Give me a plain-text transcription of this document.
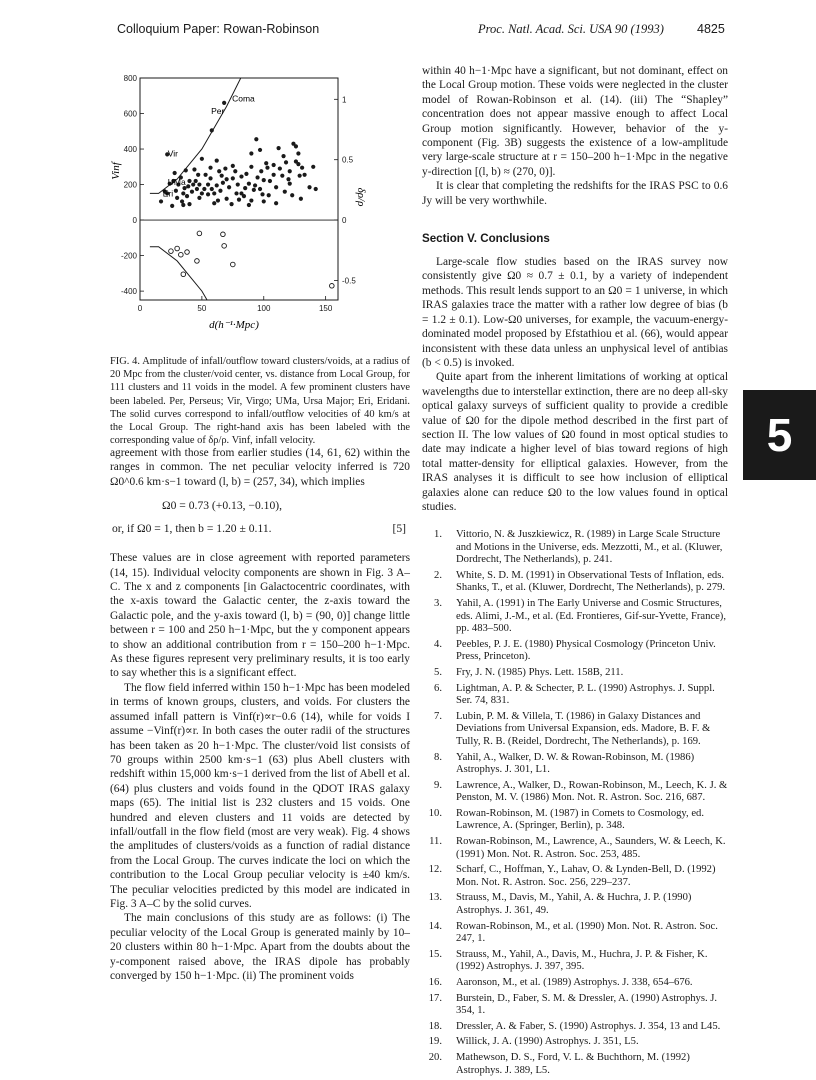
Colloquium Paper: Rowan-Robinson	Proc. Natl. Acad. Sci. USA 90 (1993)	4825
800
600
400
200
0
-200
-400
0	50	100	150
1
0.5
0
-0.5
d(h⁻¹·Mpc)
Vinf
δρ/ρ
Coma
Per
Vir
UMa
Eri

FIG. 4. Amplitude of infall/outflow toward clusters/voids, at a radius of 20 Mpc from the cluster/void center, vs. distance from Local Group, for 111 clusters and 11 voids in the model. A few prominent clusters have been labeled. Per, Perseus; Vir, Virgo; UMa, Ursa Major; Eri, Eridani. The solid curves correspond to infall/outflow velocities of 40 km/s at the Local Group. The right-hand axis has been labeled with the corresponding value of δρ/ρ. Vinf, infall velocity.

agreement with those from earlier studies (14, 61, 62) within the ranges in common. The net peculiar velocity inferred is 720 Ω0^0.6 km·s−1 toward (l, b) = (257, 34), which implies

Ω0 = 0.73 (+0.13, −0.10),
or, if Ω0 = 1, then b = 1.20 ± 0.11.	[5]

These values are in close agreement with reported parameters (14, 15). Individual velocity components are shown in Fig. 3 A–C. The x and z components [in Galactocentric coordinates, with the x-axis toward the Galactic center, the z-axis toward the Galactic pole, and the y-axis toward (l, b) = (90, 0)] change little between r = 100 and 250 h−1·Mpc, but the y component appears to show an additional contribution from r = 150–200 h−1·Mpc. As these figures represent very preliminary results, it is too early to say whether this is a significant effect.

The flow field inferred within 150 h−1·Mpc has been modeled in terms of known groups, clusters, and voids. For clusters the assumed infall pattern is Vinf(r)∝r−0.6 (14), while for voids I assume −Vinf(r)∝r. In both cases the outer radii of the structures has been taken as 20 h−1·Mpc. The cluster/void list consists of 70 groups within 2500 km·s−1 (63) plus Abell clusters with redshift within 15,000 km·s−1 derived from the list of Abell et al. (64) plus clusters and voids found in the QDOT IRAS galaxy maps (65). The initial list is 232 clusters and 15 voids. One hundred and eleven clusters and 11 voids are detected by infall/outfall in the flow field (most are very weak). Fig. 4 shows the amplitudes of clusters/voids as a function of radial distance from the Local Group. The curves indicate the loci on which the contribution to the Local Group peculiar velocity is ±40 km/s. The peculiar velocities predicted by this model are indicated in Fig. 3 A–C by the solid curves.

The main conclusions of this study are as follows: (i) The peculiar velocity of the Local Group is generated mainly by 10–20 clusters within 80 h−1·Mpc. Apart from the doubts about the y-component raised above, the IRAS dipole has probably converged by 150 h−1·Mpc. (ii) The prominent voids

within 40 h−1·Mpc have a significant, but not dominant, effect on the Local Group motion. These voids were neglected in the cluster model of Rowan-Robinson et al. (14). (iii) The “Shapley” concentration does not appear massive enough to affect Local Group motion significantly. However, behavior of the y-component (Fig. 3B) suggests the existence of a low-amplitude very large-scale structure at r = 150–200 h−1·Mpc in the negative y-direction [(l, b) ≈ (270, 0)].

It is clear that completing the redshifts for the IRAS PSC to 0.6 Jy will be very worthwhile.

Section V. Conclusions

Large-scale flow studies based on the IRAS survey now consistently give Ω0 ≈ 0.7 ± 0.1, by a variety of independent methods. This result lends support to an Ω0 = 1 universe, in which IRAS galaxies trace the matter with a rather low degree of bias (b = 1.2 ± 0.1). Low-Ω0 universes, for example, the vacuum-energy-dominated model proposed by Efstathiou et al. (66), would appear inconsistent with these data unless an unphysical level of antibias (b < 0.5) is invoked.

Quite apart from the inherent limitations of working at optical wavelengths due to interstellar extinction, there are no deep all-sky optical galaxy surveys of sufficient quality to provide a credible value of Ω0 for the dipole method described in the first part of section II. The low values of Ω0 found in most optical studies to date may indicate a higher level of bias toward regions of high total matter-density for elliptical galaxies. However, from the IRAS analyses it is difficult to see how inclusion of elliptical galaxies alone can reduce Ω0 to the low values found in optical studies.

1. Vittorio, N. & Juszkiewicz, R. (1989) in Large Scale Structure and Motions in the Universe, eds. Mezzotti, M., et al. (Kluwer, Dordrecht, The Netherlands), p. 241.
2. White, S. D. M. (1991) in Observational Tests of Inflation, eds. Shanks, T., et al. (Kluwer, Dordrecht, The Netherlands), p. 279.
3. Yahil, A. (1991) in The Early Universe and Cosmic Structures, eds. Alimi, J.-M., et al. (Ed. Frontieres, Gif-sur-Yvette, France), pp. 483–500.
4. Peebles, P. J. E. (1980) Physical Cosmology (Princeton Univ. Press, Princeton).
5. Fry, J. N. (1985) Phys. Lett. 158B, 211.
6. Lightman, A. P. & Schecter, P. L. (1990) Astrophys. J. Suppl. Ser. 74, 831.
7. Lubin, P. M. & Villela, T. (1986) in Galaxy Distances and Deviations from Universal Expansion, eds. Madore, B. F. & Tully, R. B. (Reidel, Dordrecht, The Netherlands), p. 169.
8. Yahil, A., Walker, D. W. & Rowan-Robinson, M. (1986) Astrophys. J. 301, L1.
9. Lawrence, A., Walker, D., Rowan-Robinson, M., Leech, K. J. & Penston, M. V. (1986) Mon. Not. R. Astron. Soc. 216, 687.
10. Rowan-Robinson, M. (1987) in Comets to Cosmology, ed. Lawrence, A. (Springer, Berlin), p. 348.
11. Rowan-Robinson, M., Lawrence, A., Saunders, W. & Leech, K. (1991) Mon. Not. R. Astron. Soc. 253, 485.
12. Scharf, C., Hoffman, Y., Lahav, O. & Lynden-Bell, D. (1992) Mon. Not. R. Astron. Soc. 256, 229–237.
13. Strauss, M., Davis, M., Yahil, A. & Huchra, J. P. (1990) Astrophys. J. 361, 49.
14. Rowan-Robinson, M., et al. (1990) Mon. Not. R. Astron. Soc. 247, 1.
15. Strauss, M., Yahil, A., Davis, M., Huchra, J. P. & Fisher, K. (1992) Astrophys. J. 397, 395.
16. Aaronson, M., et al. (1989) Astrophys. J. 338, 654–676.
17. Burstein, D., Faber, S. M. & Dressler, A. (1990) Astrophys. J. 354, 1.
18. Dressler, A. & Faber, S. (1990) Astrophys. J. 354, 13 and L45.
19. Willick, J. A. (1990) Astrophys. J. 351, L5.
20. Mathewson, D. S., Ford, V. L. & Buchthorn, M. (1992) Astrophys. J. 389, L5.
5
